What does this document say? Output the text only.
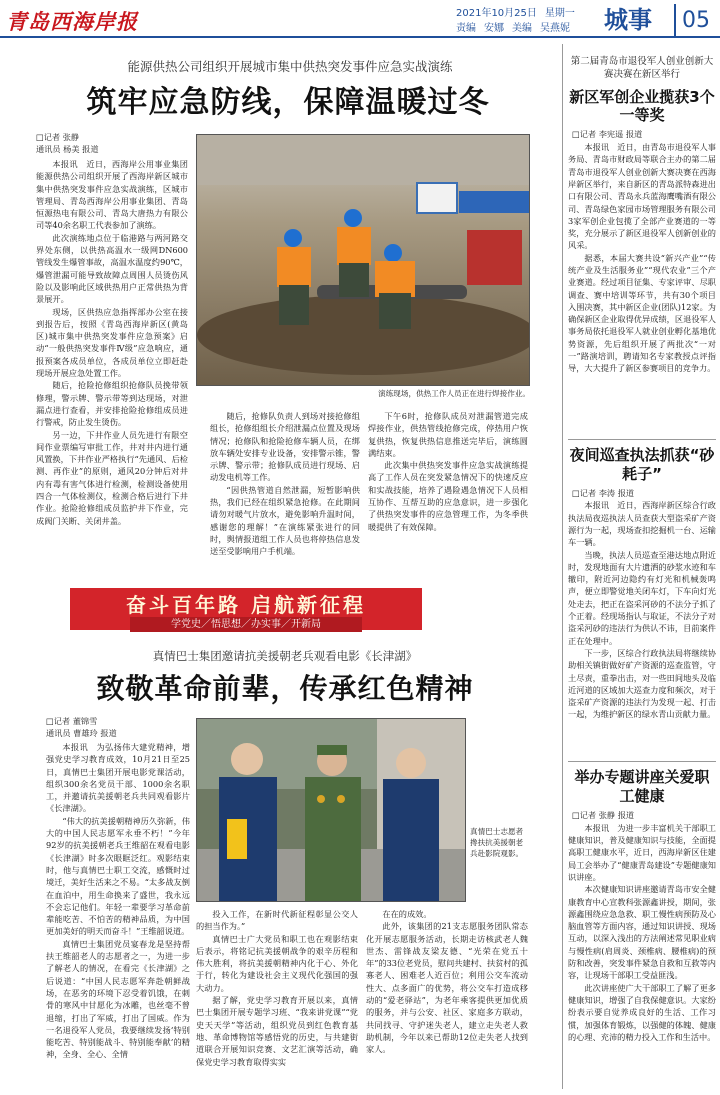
青岛西海岸报	2021年10月25日 星期一
责编 安娜 美编 吴燕妮 城事	05
能源供热公司组织开展城市集中供热突发事件应急实战演练
筑牢应急防线，保障温暖过冬
□记者 张静
通讯员 杨美 报道

本报讯　近日，西海岸公用事业集团能源供热公司组织开展了西海岸新区城市集中供热突发事件应急实战演练，区城市管理局、青岛西海岸公用事业集团、青岛恒源热电有限公司、青岛大唐热力有限公司等40余名职工代表参加了演练。

此次演练地点位于临港路与两河路交界处东侧，以供热高温水一级网DN600管线发生爆管事故，高温水温度约90℃，爆管泄漏可能导致故障点周围人员烫伤风险以及影响此区域供热用户正常供热为背景展开。

现场，区供热应急指挥部办公室在接到报告后，按照《青岛西海岸新区(黄岛区)城市集中供热突发事件应急预案》启动“一般供热突发事件Ⅳ级”应急响应，通报预案各成员单位，各成员单位立即赶赴现场开展应急处置工作。

随后，抢险抢修组织抢修队员挽带领修理，警示牌、警示带等到达现场，对泄漏点进行查看，并安排抢险抢修组成员进行警戒，防止发生烫伤。

另一边，下井作业人员先进行有限空间作业票编写审批工作，井对井内进行通风置换，下井作业严格执行“先通风、后检测、再作业”的原则，通风20分钟后对井内有毒有害气体进行检测，检测设备使用四合一气体检测仪，检测合格后进行下井作业。抢险抢修组成员监护井下作业，完成阀门关断、关闭井盖。

演练现场，供热工作人员正在进行焊接作业。

随后，抢修队负责人到场对接抢修组组长，抢修组组长介绍泄漏点位置及现场情况；抢修队和抢险抢修车辆人员，在绑放车辆处安排专业设备，安排警示锥，警示牌、警示带；抢修队成员进行现场、启动发电机等工作。

“因供热管道自然泄漏，短暂影响供热，我们已经在组织紧急抢修。在此期间请勿对暖气片放水，避免影响升温时间，感谢您的理解！”在演练紧张进行的同时，舆情报道组工作人员也将停热信息发送至受影响用户手机端。

下午6时，抢修队成员对泄漏管道完成焊接作业，供热管线抢修完成，停热用户恢复供热，恢复供热信息推送完毕后，演练圆满结束。

此次集中供热突发事件应急实战演练提高了工作人员在突发紧急情况下的快速反应和实战技能，培养了遇险遇急情况下人员相互协作、互帮互助的应急意识，进一步强化了供热突发事件的应急管理工作，为冬季供暖提供了有效保障。

奋斗百年路 启航新征程
学党史／悟思想／办实事／开新局
真情巴士集团邀请抗美援朝老兵观看电影《长津湖》
致敬革命前辈，传承红色精神
□记者 董锦雪
通讯员 曹雄玲 报道

本报讯　为弘扬伟大建党精神，增强党史学习教育成效，10月21日至25日，真情巴士集团开展电影党课活动，组织300余名党员干部、1000余名职工，并邀请抗美援朝老兵共同观看影片《长津湖》。

“伟大的抗美援朝精神历久弥新，伟大的中国人民志愿军永垂不朽！”今年92岁的抗美援朝老兵王维韶在观看电影《长津湖》时多次眼眶泛红。观影结束时，他与真情巴士职工交流，感慨时过境迁，美好生活来之不易。“太多战友倒在血泊中，用生命换来了盛世，我永远不会忘记他们。年轻一辈要学习革命前辈能吃苦、不怕苦的精神品质，为中国更加美好的明天而奋斗！”王维韶说道。

真情巴士集团党员宴春龙是坚持帮扶王维韶老人的志愿者之一，为进一步了解老人的情况，在看完《长津湖》之后说道：“中国人民志愿军奔赴朝鲜战场，在恶劣的环境下忍受着饥饿，在刺骨的寒风中甘愿化为冰雕，也丝毫不曾退缩，打出了军威，打出了国威。作为一名退役军人党员，我要继续发扬‘特别能吃苦、特别能战斗、特别能奉献’的精神，全身、全心、全情

真情巴士志愿者搀扶抗美援朝老兵赴影院观影。

投入工作，在新时代新征程彰显公交人的担当作为。”

真情巴士广大党员和职工也在观影结束后表示，将铭记抗美援朝战争的艰辛历程和伟大胜利，将抗美援朝精神内化于心、外化于行，转化为建设社会主义现代化强国的强大动力。

据了解，党史学习教育开展以来，真情巴士集团开展专题学习班、“我来讲党课”“党史天天学”等活动，组织党员到红色教育基地、革命博物馆等感悟党的历史，与共建街道联合开展知识竞赛、文艺汇演等活动，确保党史学习教育取得实实

在在的成效。

此外，该集团的21支志愿服务团队常态化开展志愿服务活动，长期走访核武老人魏世杰、雷锋战友梁友德、“光荣在党五十年”的33位老党员，慰问共建村、扶贫村的孤寡老人、困难老人近百位；利用公交车流动性大、点多面广的优势，将公交车打造成移动的“爱老驿站”，为老年乘客提供更加优质的服务，并与公安、社区、家庭多方联动，共同找寻、守护迷失老人，建立走失老人救助机制，今年以来已帮助12位走失老人找到家人。

第二届青岛市退役军人创业创新大赛决赛在新区举行
新区军创企业揽获3个一等奖
□记者 李宪遥 报道

本报讯　近日，由青岛市退役军人事务局、青岛市财政局等联合主办的第二届青岛市退役军人创业创新大赛决赛在西海岸新区举行，来自新区的青岛派特森进出口有限公司、青岛永兵蓝海鹰嘴酒有限公司、青岛绿色家园市场管理服务有限公司3家军创企业包揽了全部产业赛道的一等奖，充分展示了新区退役军人创新创业的风采。

据悉，本届大赛共设“新兴产业”“传统产业及生活服务业”“现代农业”三个产业赛道。经过项目征集、专家评审、尽职调查、赛中培训等环节，共有30个项目入围决赛，其中新区企业(团队)12家。为确保新区企业取得优异成绩，区退役军人事务局依托退役军人就业创业孵化基地优势资源，先后组织开展了两批次“一对一”路演培训，聘请知名专家教授点评指导，大大提升了新区参赛项目的竞争力。

夜间巡查执法抓获“砂耗子”
□记者 李涛 报道

本报讯　近日，西海岸新区综合行政执法局夜巡执法人员查获大型盗采矿产资源行为一起，现场查扣挖掘机一台、运输车一辆。

当晚，执法人员巡查至港达地点附近时，发现地面有大片遗洒的砂浆水迹和车辙印，附近河边隐约有灯光和机械轰鸣声，便立即警觉地关闭车灯，下车向灯光处走去，把正在盗采河砂的不法分子抓了个正着。经现场指认与取证，不法分子对盗采河砂的违法行为供认不讳，目前案件正在处理中。

下一步，区综合行政执法局将继续协助相关镇街做好矿产资源的巡查监管，守土尽责，重拳出击，对一些田间地头及临近河道的区域加大巡查力度和频次，对于盗采矿产资源的违法行为发现一起、打击一起，为维护新区的绿水青山贡献力量。

举办专题讲座关爱职工健康
□记者 张静 报道

本报讯　为进一步丰富机关干部职工健康知识，普及健康知识与技能，全面提高职工健康水平，近日，西海岸新区住建局工会举办了“健康青岛建设”专题健康知识讲座。

本次健康知识讲座邀请青岛市安全健康教育中心宣教科张源鑫讲授，期间，张源鑫围绕应急急救、职工慢性病预防及心脑血管等方面内容，通过知识讲授、现场互动，以深入浅出的方法阐述常见职业病与慢性病(肩周炎、颈椎病、腰椎病)的预防和改善，突发事件紧急自救和互救等内容，让现场干部职工受益匪浅。

此次讲座使广大干部职工了解了更多健康知识，增强了自我保健意识。大家纷纷表示要自觉养成良好的生活、工作习惯，加强体育锻炼，以强健的体魄、健康的心理、充沛的精力投入工作和生活中。
